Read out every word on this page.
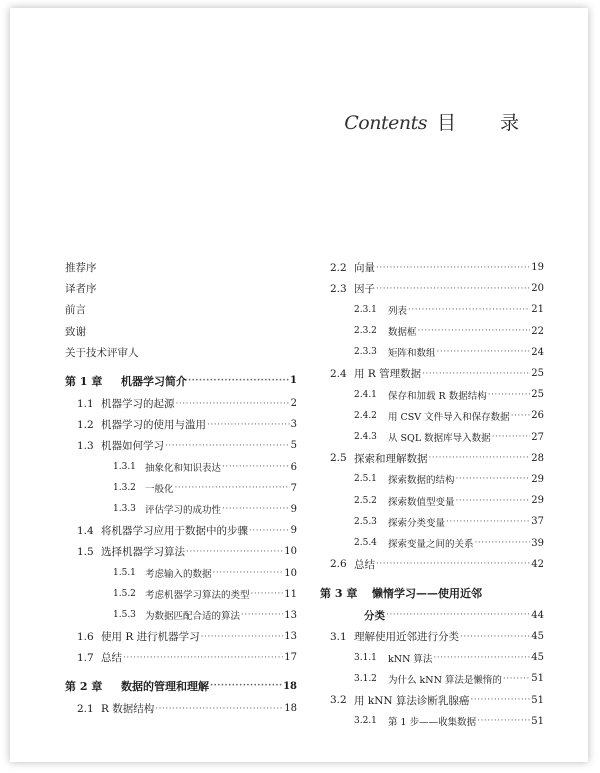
Contents 目 录
推荐序
译者序
前言
致谢
关于技术评审人
第 1 章	机器学习简介 ·····	1
1.1 机器学习的起源 ·····	2
1.2 机器学习的使用与滥用 ·····	3
1.3 机器如何学习 ·····	5
1.3.1 抽象化和知识表达 ·····	6
1.3.2 一般化 ·····	7
1.3.3 评估学习的成功性 ·····	9
1.4 将机器学习应用于数据中的步骤 ·····	9
1.5 选择机器学习算法 ·····	10
1.5.1 考虑输入的数据 ·····	10
1.5.2 考虑机器学习算法的类型 ·····	11
1.5.3 为数据匹配合适的算法 ·····	13
1.6 使用 R 进行机器学习 ·····	13
1.7 总结 ·····	17
第 2 章	数据的管理和理解 ·····	18
2.1 R 数据结构 ·····	18
2.2 向量 ·····	19
2.3 因子 ·····	20
2.3.1	列表 ·····	21
2.3.2	数据框 ·····	22
2.3.3	矩阵和数组 ·····	24
2.4 用 R 管理数据 ·····	25
2.4.1	保存和加载 R 数据结构 ·····	25
2.4.2	用 CSV 文件导入和保存数据 ····· 26
2.4.3	从 SQL 数据库导入数据 ·····	27
2.5 探索和理解数据 ·····	28
2.5.1	探索数据的结构 ·····	29
2.5.2	探索数值型变量 ·····	29
2.5.3	探索分类变量 ·····	37
2.5.4	探索变量之间的关系 ·····	39
2.6 总结 ·····	42
第 3 章	懒惰学习——使用近邻
分类 ·····	44
3.1 理解使用近邻进行分类 ·····	45
3.1.1	kNN 算法 ·····	45
3.1.2	为什么 kNN 算法是懒惰的 ·····	51
3.2 用 kNN 算法诊断乳腺癌 ·····	51
3.2.1	第 1 步——收集数据 ·····	51
